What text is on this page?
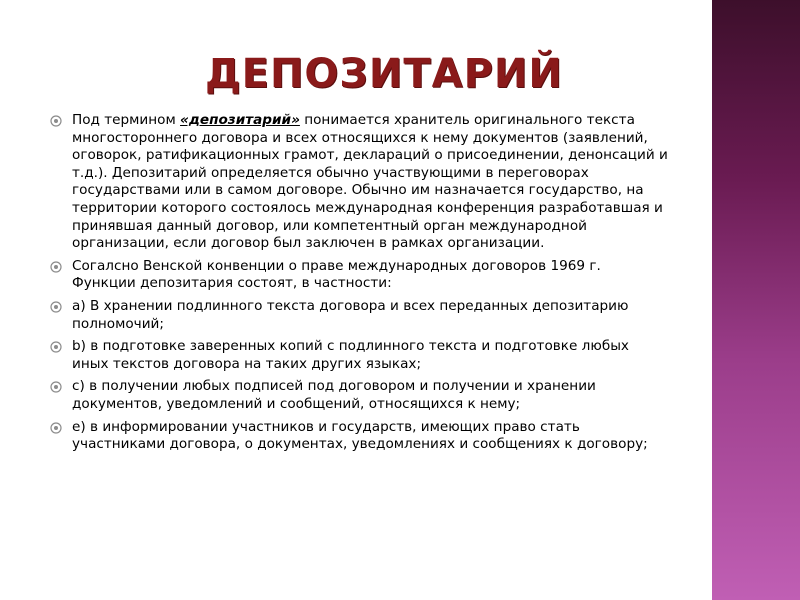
ДЕПОЗИТАРИЙ
Под термином «депозитарий» понимается хранитель оригинального текста многостороннего договора и всех относящихся к нему документов (заявлений, оговорок, ратификационных грамот, деклараций о присоединении, денонсаций и т.д.). Депозитарий определяется обычно участвующими в переговорах государствами или в самом договоре. Обычно им назначается государство, на территории которого состоялось международная конференция разработавшая и принявшая данный договор, или компетентный орган международной организации, если договор был заключен в рамках организации.
Согалсно Венской конвенции о праве международных договоров 1969 г. Функции депозитария состоят, в частности:
а) В хранении подлинного текста договора и всех переданных депозитарию полномочий;
b) в подготовке заверенных копий с подлинного текста и подготовке любых иных текстов договора на таких других языках;
с) в получении любых подписей под договором и получении и хранении документов, уведомлений и сообщений, относящихся к нему;
е) в информировании участников и государств, имеющих право стать участниками договора, о документах, уведомлениях и сообщениях к договору;
